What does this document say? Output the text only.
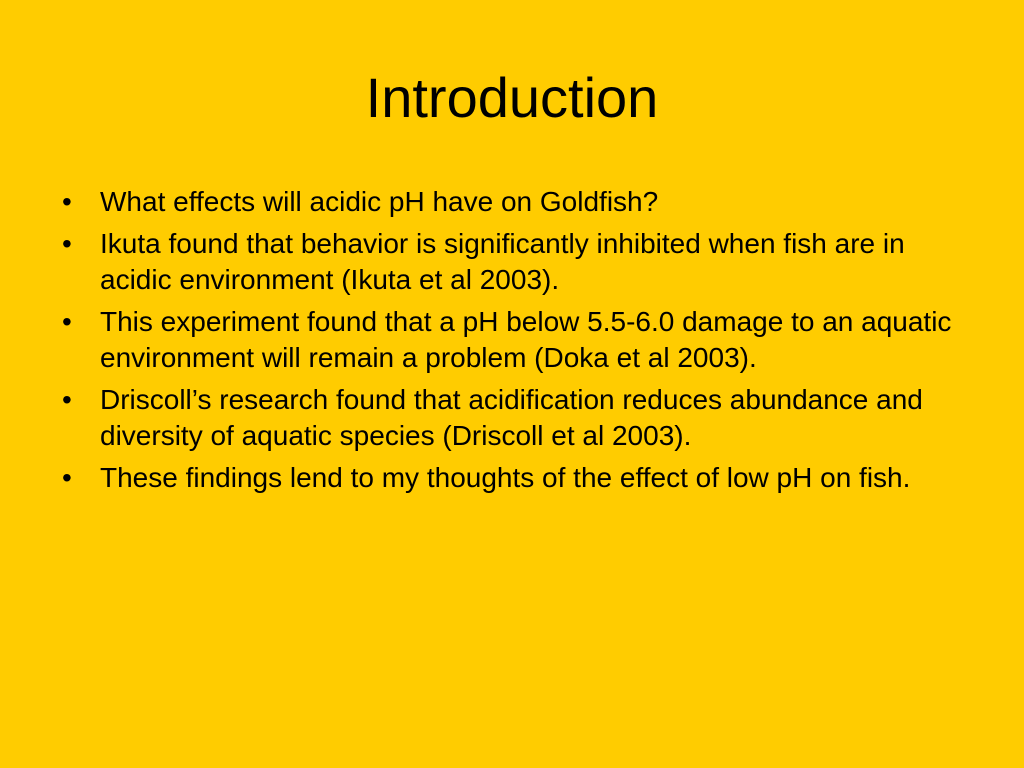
Introduction
•	What effects will acidic pH have on Goldfish?
•	Ikuta found that behavior is significantly inhibited when fish are in acidic environment (Ikuta et al 2003).
•	This experiment found that a pH below 5.5-6.0 damage to an aquatic environment will remain a problem (Doka et al 2003).
•	Driscoll’s research found that acidification reduces abundance and diversity of aquatic species (Driscoll et al 2003).
•	These findings lend to my thoughts of the effect of low pH on fish.
